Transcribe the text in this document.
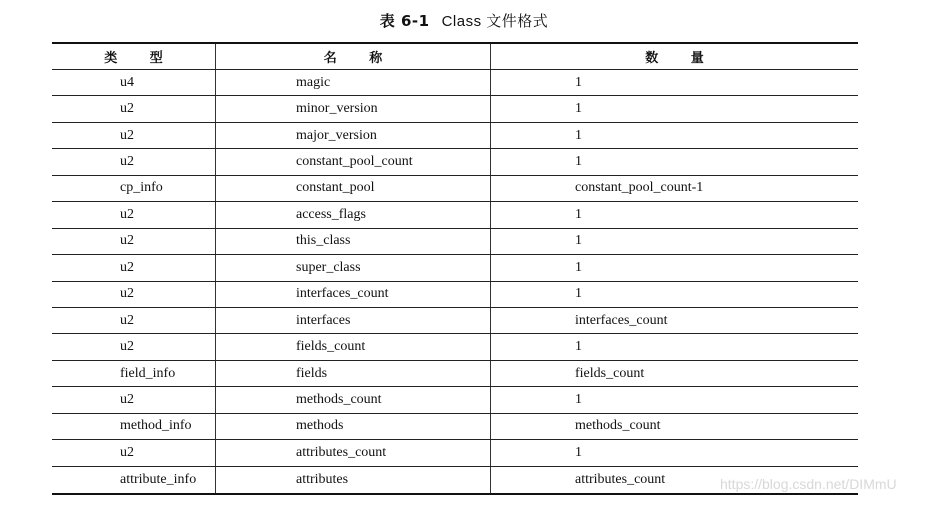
表 6-1 Class 文件格式
类 型	名 称	数 量
u4	magic	1
u2	minor_version	1
u2	major_version	1
u2	constant_pool_count	1
cp_info	constant_pool	constant_pool_count-1
u2	access_flags	1
u2	this_class	1
u2	super_class	1
u2	interfaces_count	1
u2	interfaces	interfaces_count
u2	fields_count	1
field_info	fields	fields_count
u2	methods_count	1
method_info	methods	methods_count
u2	attributes_count	1
attribute_info	attributes	attributes_count	https://blog.csdn.net/DIMmU
